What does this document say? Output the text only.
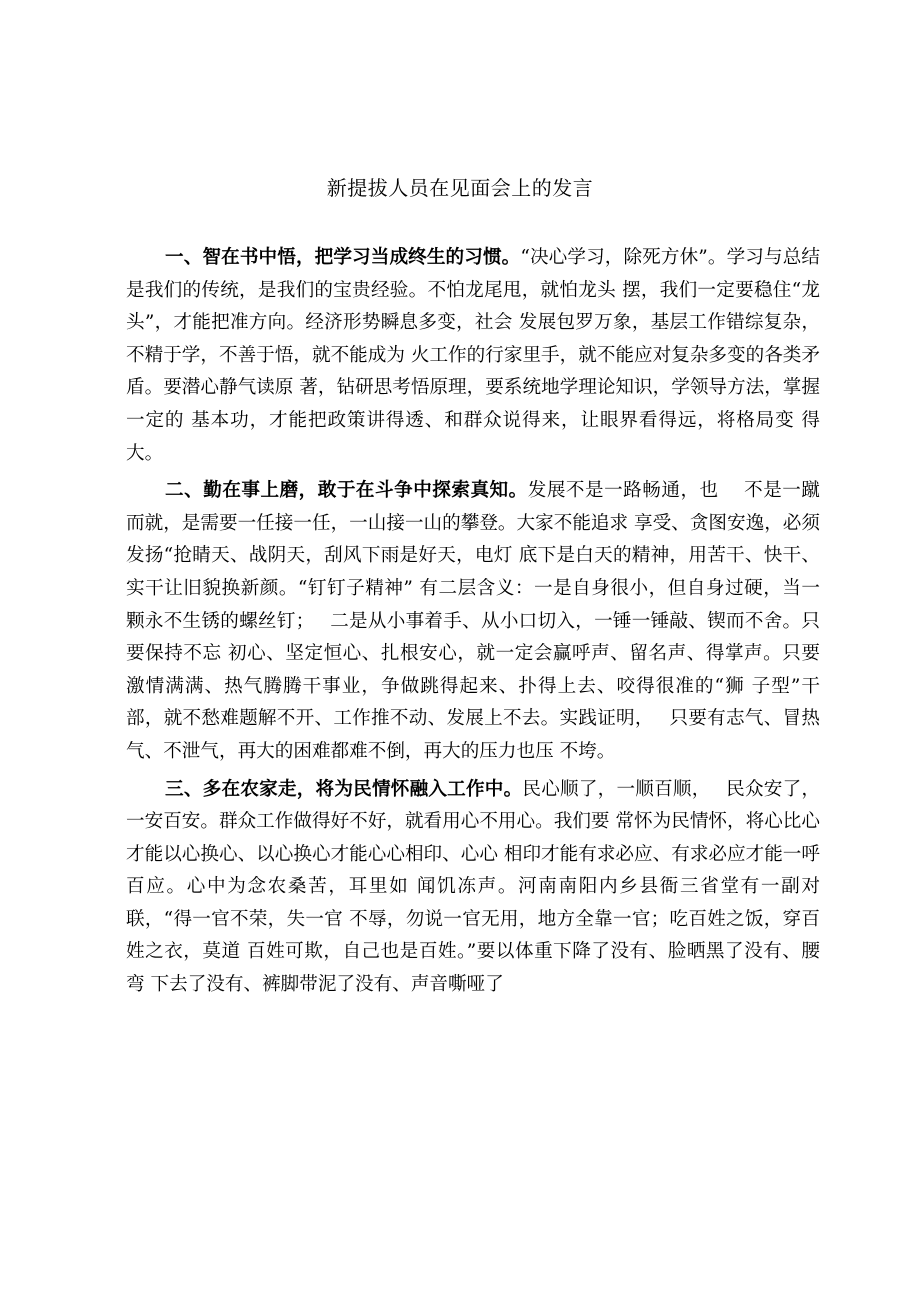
新提拔人员在见面会上的发言

一、智在书中悟，把学习当成终生的习惯。“决心学习，除死方休”。学习与总结是我们的传统，是我们的宝贵经验。不怕龙尾甩，就怕龙头 摆，我们一定要稳住“龙头”，才能把准方向。经济形势瞬息多变，社会 发展包罗万象，基层工作错综复杂，不精于学，不善于悟，就不能成为 火工作的行家里手，就不能应对复杂多变的各类矛盾。要潜心静气读原 著，钻研思考悟原理，要系统地学理论知识，学领导方法，掌握一定的 基本功，才能把政策讲得透、和群众说得来，让眼界看得远，将格局变 得大。

二、勤在事上磨，敢于在斗争中探索真知。发展不是一路畅通，也　 不是一蹴而就，是需要一任接一任，一山接一山的攀登。大家不能追求 享受、贪图安逸，必须发扬“抢睛天、战阴天，刮风下雨是好天，电灯 底下是白天的精神，用苦干、快干、实干让旧貌换新颜。“钉钉子精神” 有二层含义：一是自身很小，但自身过硬，当一颗永不生锈的螺丝钉；　 二是从小事着手、从小口切入，一锤一锤敲、锲而不舍。只要保持不忘 初心、坚定恒心、扎根安心，就一定会赢呼声、留名声、得掌声。只要　 激情满满、热气腾腾干事业，争做跳得起来、扑得上去、咬得很准的“狮 子型”干部，就不愁难题解不开、工作推不动、发展上不去。实践证明，　 只要有志气、冒热气、不泄气，再大的困难都难不倒，再大的压力也压 不垮。

三、多在农家走，将为民情怀融入工作中。民心顺了，一顺百顺，　 民众安了，一安百安。群众工作做得好不好，就看用心不用心。我们要 常怀为民情怀，将心比心才能以心换心、以心换心才能心心相印、心心 相印才能有求必应、有求必应才能一呼百应。心中为念农桑苦，耳里如 闻饥冻声。河南南阳内乡县衙三省堂有一副对联，“得一官不荣，失一官 不辱，勿说一官无用，地方全靠一官；吃百姓之饭，穿百姓之衣，莫道 百姓可欺，自己也是百姓。”要以体重下降了没有、脸晒黑了没有、腰弯 下去了没有、裤脚带泥了没有、声音嘶哑了
